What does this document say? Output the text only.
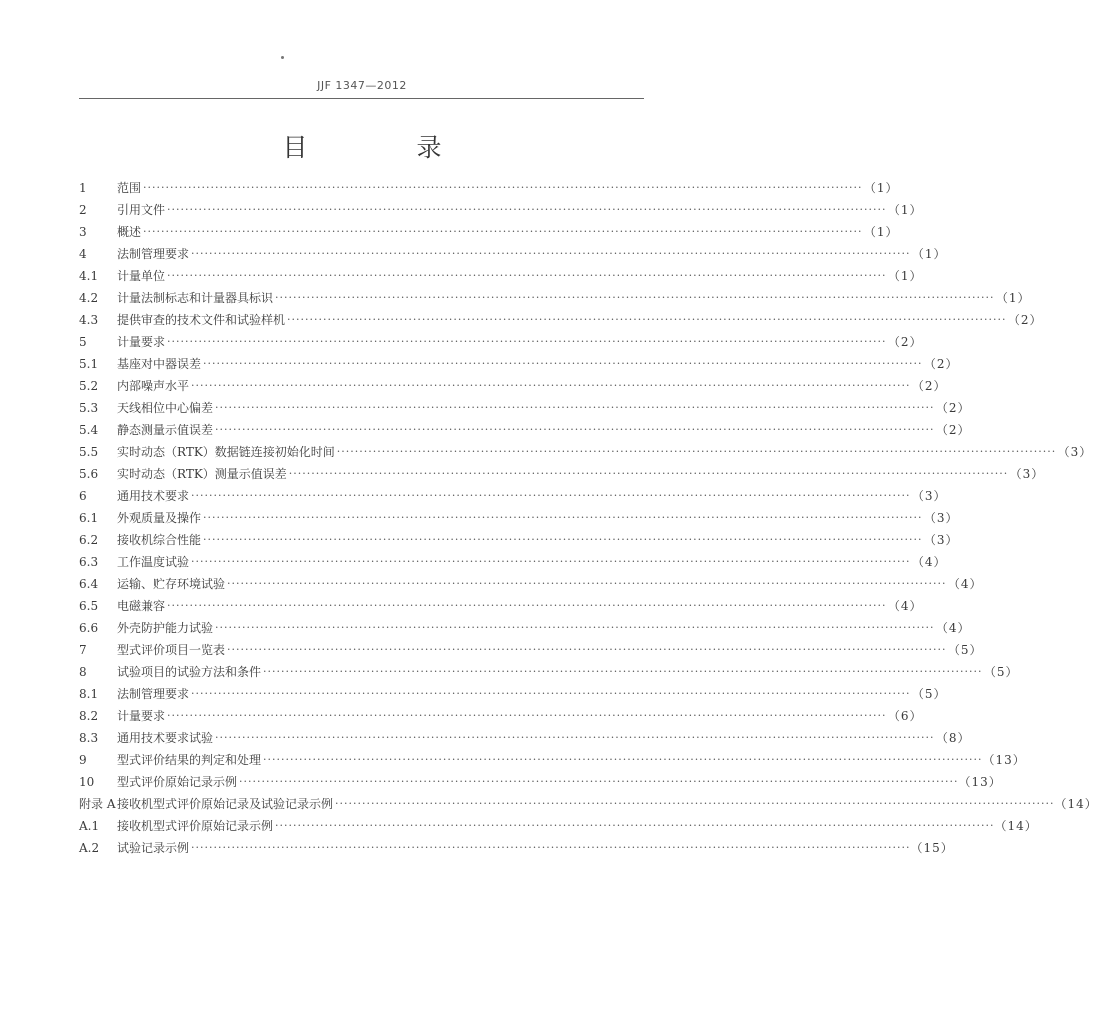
JJF 1347—2012
目　录
1	范围 ································································································································································ （1）
2	引用文件 ································································································································································ （1）
3	概述 ································································································································································ （1）
4	法制管理要求 ································································································································································ （1）
4.1	计量单位 ································································································································································ （1）
4.2	计量法制标志和计量器具标识 ································································································································································ （1）
4.3	提供审查的技术文件和试验样机 ································································································································································ （2）
5	计量要求 ································································································································································ （2）
5.1	基座对中器误差 ································································································································································ （2）
5.2	内部噪声水平 ································································································································································ （2）
5.3	天线相位中心偏差 ································································································································································ （2）
5.4	静态测量示值误差 ································································································································································ （2）
5.5	实时动态（RTK）数据链连接初始化时间 ································································································································································ （3）
5.6	实时动态（RTK）测量示值误差 ································································································································································ （3）
6	通用技术要求 ································································································································································ （3）
6.1	外观质量及操作 ································································································································································ （3）
6.2	接收机综合性能 ································································································································································ （3）
6.3	工作温度试验 ································································································································································ （4）
6.4	运输、贮存环境试验 ································································································································································ （4）
6.5	电磁兼容 ································································································································································ （4）
6.6	外壳防护能力试验 ································································································································································ （4）
7	型式评价项目一览表 ································································································································································ （5）
8	试验项目的试验方法和条件 ································································································································································ （5）
8.1	法制管理要求 ································································································································································ （5）
8.2	计量要求 ································································································································································ （6）
8.3	通用技术要求试验 ································································································································································ （8）
9	型式评价结果的判定和处理 ································································································································································ （13）
10	型式评价原始记录示例 ································································································································································ （13）
附录 A 接收机型式评价原始记录及试验记录示例 ································································································································································ （14）
A.1	接收机型式评价原始记录示例 ································································································································································ （14）
A.2	试验记录示例 ································································································································································ （15）
